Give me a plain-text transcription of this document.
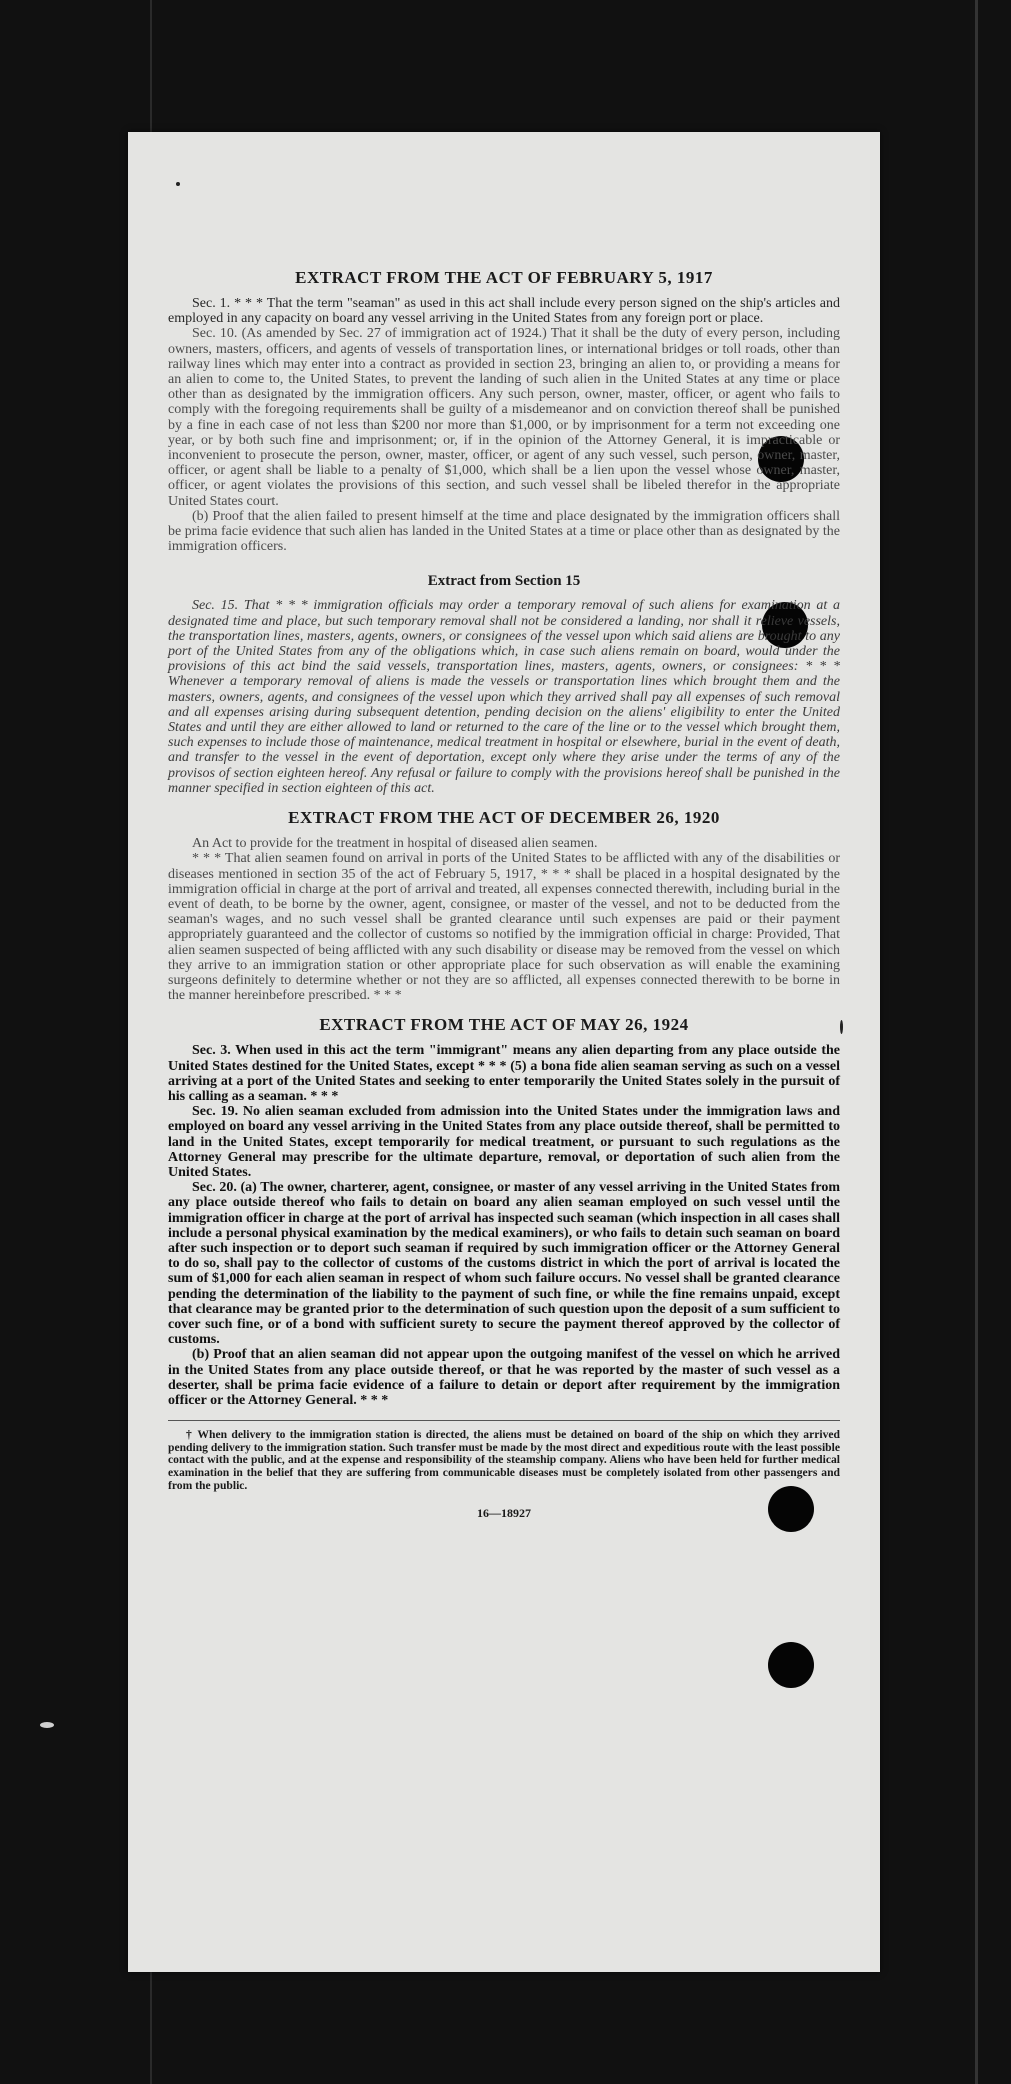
EXTRACT FROM THE ACT OF FEBRUARY 5, 1917

Sec. 1. * * * That the term "seaman" as used in this act shall include every person signed on the ship's articles and employed in any capacity on board any vessel arriving in the United States from any foreign port or place.

Sec. 10. (As amended by Sec. 27 of immigration act of 1924.) That it shall be the duty of every person, including owners, masters, officers, and agents of vessels of transportation lines, or international bridges or toll roads, other than railway lines which may enter into a contract as provided in section 23, bringing an alien to, or providing a means for an alien to come to, the United States, to prevent the landing of such alien in the United States at any time or place other than as designated by the immigration officers. Any such person, owner, master, officer, or agent who fails to comply with the foregoing requirements shall be guilty of a misdemeanor and on conviction thereof shall be punished by a fine in each case of not less than $200 nor more than $1,000, or by imprisonment for a term not exceeding one year, or by both such fine and imprisonment; or, if in the opinion of the Attorney General, it is impracticable or inconvenient to prosecute the person, owner, master, officer, or agent of any such vessel, such person, owner, master, officer, or agent shall be liable to a penalty of $1,000, which shall be a lien upon the vessel whose owner, master, officer, or agent violates the provisions of this section, and such vessel shall be libeled therefor in the appropriate United States court.

(b) Proof that the alien failed to present himself at the time and place designated by the immigration officers shall be prima facie evidence that such alien has landed in the United States at a time or place other than as designated by the immigration officers.

Extract from Section 15

Sec. 15. That * * * immigration officials may order a temporary removal of such aliens for examination at a designated time and place, but such temporary removal shall not be considered a landing, nor shall it relieve vessels, the transportation lines, masters, agents, owners, or consignees of the vessel upon which said aliens are brought to any port of the United States from any of the obligations which, in case such aliens remain on board, would under the provisions of this act bind the said vessels, transportation lines, masters, agents, owners, or consignees: * * * Whenever a temporary removal of aliens is made the vessels or transportation lines which brought them and the masters, owners, agents, and consignees of the vessel upon which they arrived shall pay all expenses of such removal and all expenses arising during subsequent detention, pending decision on the aliens' eligibility to enter the United States and until they are either allowed to land or returned to the care of the line or to the vessel which brought them, such expenses to include those of maintenance, medical treatment in hospital or elsewhere, burial in the event of death, and transfer to the vessel in the event of deportation, except only where they arise under the terms of any of the provisos of section eighteen hereof. Any refusal or failure to comply with the provisions hereof shall be punished in the manner specified in section eighteen of this act.

EXTRACT FROM THE ACT OF DECEMBER 26, 1920

An Act to provide for the treatment in hospital of diseased alien seamen.

* * * That alien seamen found on arrival in ports of the United States to be afflicted with any of the disabilities or diseases mentioned in section 35 of the act of February 5, 1917, * * * shall be placed in a hospital designated by the immigration official in charge at the port of arrival and treated, all expenses connected therewith, including burial in the event of death, to be borne by the owner, agent, consignee, or master of the vessel, and not to be deducted from the seaman's wages, and no such vessel shall be granted clearance until such expenses are paid or their payment appropriately guaranteed and the collector of customs so notified by the immigration official in charge: Provided, That alien seamen suspected of being afflicted with any such disability or disease may be removed from the vessel on which they arrive to an immigration station or other appropriate place for such observation as will enable the examining surgeons definitely to determine whether or not they are so afflicted, all expenses connected therewith to be borne in the manner hereinbefore prescribed. * * *

EXTRACT FROM THE ACT OF MAY 26, 1924

Sec. 3. When used in this act the term "immigrant" means any alien departing from any place outside the United States destined for the United States, except * * * (5) a bona fide alien seaman serving as such on a vessel arriving at a port of the United States and seeking to enter temporarily the United States solely in the pursuit of his calling as a seaman. * * *

Sec. 19. No alien seaman excluded from admission into the United States under the immigration laws and employed on board any vessel arriving in the United States from any place outside thereof, shall be permitted to land in the United States, except temporarily for medical treatment, or pursuant to such regulations as the Attorney General may prescribe for the ultimate departure, removal, or deportation of such alien from the United States.

Sec. 20. (a) The owner, charterer, agent, consignee, or master of any vessel arriving in the United States from any place outside thereof who fails to detain on board any alien seaman employed on such vessel until the immigration officer in charge at the port of arrival has inspected such seaman (which inspection in all cases shall include a personal physical examination by the medical examiners), or who fails to detain such seaman on board after such inspection or to deport such seaman if required by such immigration officer or the Attorney General to do so, shall pay to the collector of customs of the customs district in which the port of arrival is located the sum of $1,000 for each alien seaman in respect of whom such failure occurs. No vessel shall be granted clearance pending the determination of the liability to the payment of such fine, or while the fine remains unpaid, except that clearance may be granted prior to the determination of such question upon the deposit of a sum sufficient to cover such fine, or of a bond with sufficient surety to secure the payment thereof approved by the collector of customs.

(b) Proof that an alien seaman did not appear upon the outgoing manifest of the vessel on which he arrived in the United States from any place outside thereof, or that he was reported by the master of such vessel as a deserter, shall be prima facie evidence of a failure to detain or deport after requirement by the immigration officer or the Attorney General. * * *

† When delivery to the immigration station is directed, the aliens must be detained on board of the ship on which they arrived pending delivery to the immigration station. Such transfer must be made by the most direct and expeditious route with the least possible contact with the public, and at the expense and responsibility of the steamship company. Aliens who have been held for further medical examination in the belief that they are suffering from communicable diseases must be completely isolated from other passengers and from the public.

16—18927
